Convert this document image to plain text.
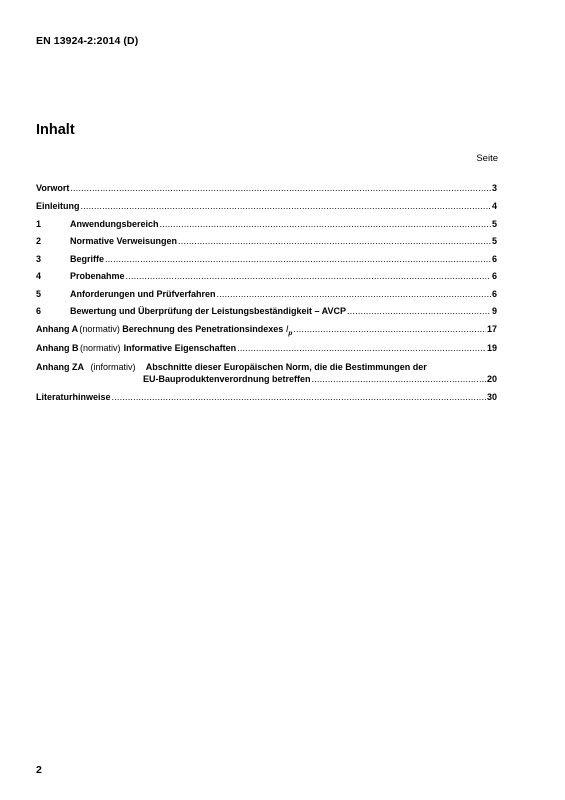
EN 13924-2:2014 (D)
Inhalt
Seite
Vorwort .....	3
Einleitung .....	4
1	Anwendungsbereich .....	5
2	Normative Verweisungen .....	5
3	Begriffe .....	6
4	Probenahme .....	6
5	Anforderungen und Prüfverfahren .....	6
6	Bewertung und Überprüfung der Leistungsbeständigkeit – AVCP .....	9
Anhang A (normativ) Berechnung des Penetrationsindexes $I_p$ .....	17
Anhang B (normativ) Informative Eigenschaften .....	19
Anhang ZA (informativ) Abschnitte dieser Europäischen Norm, die die Bestimmungen der
EU-Bauproduktenverordnung betreffen .....	20
Literaturhinweise .....	30
2
